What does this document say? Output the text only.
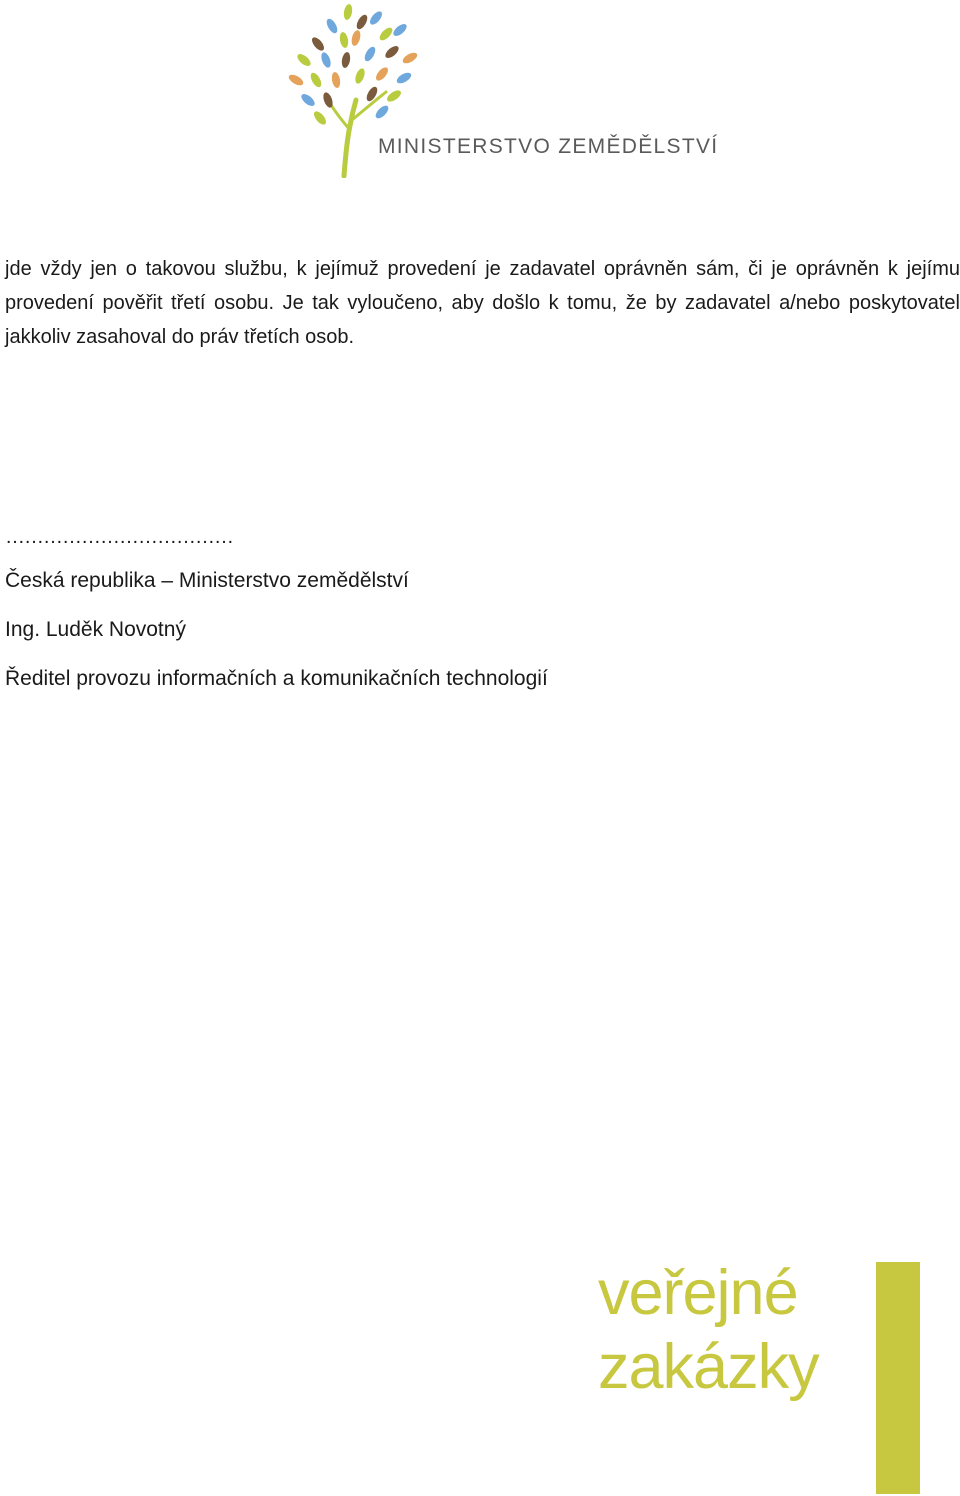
MINISTERSTVO ZEMĚDĚLSTVÍ

jde vždy jen o takovou službu, k jejímuž provedení je zadavatel oprávněn sám, či je oprávněn k jejímu provedení pověřit třetí osobu. Je tak vyloučeno, aby došlo k tomu, že by zadavatel a/nebo poskytovatel jakkoliv zasahoval do práv třetích osob.

………………………………
Česká republika – Ministerstvo zemědělství
Ing. Luděk Novotný
Ředitel provozu informačních a komunikačních technologií
veřejné
zakázky
